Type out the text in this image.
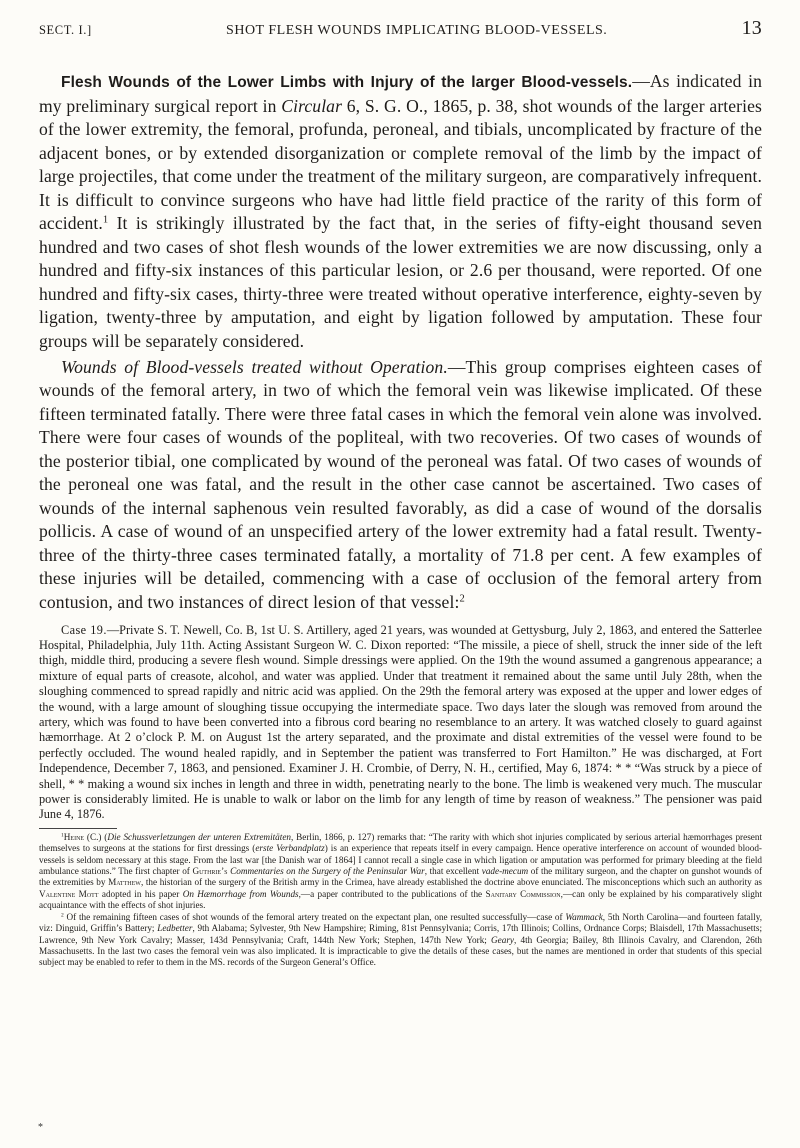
SECT. I.]	SHOT FLESH WOUNDS IMPLICATING BLOOD-VESSELS.	13

Flesh Wounds of the Lower Limbs with Injury of the larger Blood-vessels.—As indicated in my preliminary surgical report in Circular 6, S. G. O., 1865, p. 38, shot wounds of the larger arteries of the lower extremity, the femoral, profunda, peroneal, and tibials, uncomplicated by fracture of the adjacent bones, or by extended disorganization or complete removal of the limb by the impact of large projectiles, that come under the treatment of the military surgeon, are comparatively infrequent. It is difficult to convince surgeons who have had little field practice of the rarity of this form of accident.$^1$ It is strikingly illustrated by the fact that, in the series of fifty-eight thousand seven hundred and two cases of shot flesh wounds of the lower extremities we are now discussing, only a hundred and fifty-six instances of this particular lesion, or 2.6 per thousand, were reported. Of one hundred and fifty-six cases, thirty-three were treated without operative interference, eighty-seven by ligation, twenty-three by amputation, and eight by ligation followed by amputation. These four groups will be separately considered.

Wounds of Blood-vessels treated without Operation.—This group comprises eighteen cases of wounds of the femoral artery, in two of which the femoral vein was likewise implicated. Of these fifteen terminated fatally. There were three fatal cases in which the femoral vein alone was involved. There were four cases of wounds of the popliteal, with two recoveries. Of two cases of wounds of the posterior tibial, one complicated by wound of the peroneal was fatal. Of two cases of wounds of the peroneal one was fatal, and the result in the other case cannot be ascertained. Two cases of wounds of the internal saphenous vein resulted favorably, as did a case of wound of the dorsalis pollicis. A case of wound of an unspecified artery of the lower extremity had a fatal result. Twenty-three of the thirty-three cases terminated fatally, a mortality of 71.8 per cent. A few examples of these injuries will be detailed, commencing with a case of occlusion of the femoral artery from contusion, and two instances of direct lesion of that vessel:$^2$

Case 19.—Private S. T. Newell, Co. B, 1st U. S. Artillery, aged 21 years, was wounded at Gettysburg, July 2, 1863, and entered the Satterlee Hospital, Philadelphia, July 11th. Acting Assistant Surgeon W. C. Dixon reported: “The missile, a piece of shell, struck the inner side of the left thigh, middle third, producing a severe flesh wound. Simple dressings were applied. On the 19th the wound assumed a gangrenous appearance; a mixture of equal parts of creasote, alcohol, and water was applied. Under that treatment it remained about the same until July 28th, when the sloughing commenced to spread rapidly and nitric acid was applied. On the 29th the femoral artery was exposed at the upper and lower edges of the wound, with a large amount of sloughing tissue occupying the intermediate space. Two days later the slough was removed from around the artery, which was found to have been converted into a fibrous cord bearing no resemblance to an artery. It was watched closely to guard against hæmorrhage. At 2 o’clock P. M. on August 1st the artery separated, and the proximate and distal extremities of the vessel were found to be perfectly occluded. The wound healed rapidly, and in September the patient was transferred to Fort Hamilton.” He was discharged, at Fort Independence, December 7, 1863, and pensioned. Examiner J. H. Crombie, of Derry, N. H., certified, May 6, 1874: * * “Was struck by a piece of shell, * * making a wound six inches in length and three in width, penetrating nearly to the bone. The limb is weakened very much. The muscular power is considerably limited. He is unable to walk or labor on the limb for any length of time by reason of weakness.” The pensioner was paid June 4, 1876.

$^1$Heine (C.) (Die Schussverletzungen der unteren Extremitäten, Berlin, 1866, p. 127) remarks that: “The rarity with which shot injuries complicated by serious arterial hæmorrhages present themselves to surgeons at the stations for first dressings (erste Verbandplatz) is an experience that repeats itself in every campaign. Hence operative interference on account of wounded blood-vessels is seldom necessary at this stage. From the last war [the Danish war of 1864] I cannot recall a single case in which ligation or amputation was performed for primary bleeding at the field ambulance stations.” The first chapter of Guthrie’s Commentaries on the Surgery of the Peninsular War, that excellent vade-mecum of the military surgeon, and the chapter on gunshot wounds of the extremities by Matthew, the historian of the surgery of the British army in the Crimea, have already established the doctrine above enunciated. The misconceptions which such an authority as Valentine Mott adopted in his paper On Hæmorrhage from Wounds,—a paper contributed to the publications of the Sanitary Commission,—can only be explained by his comparatively slight acquaintance with the effects of shot injuries.

$^2$ Of the remaining fifteen cases of shot wounds of the femoral artery treated on the expectant plan, one resulted successfully—case of Wammack, 5th North Carolina—and fourteen fatally, viz: Dinguid, Griffin’s Battery; Ledbetter, 9th Alabama; Sylvester, 9th New Hampshire; Riming, 81st Pennsylvania; Corris, 17th Illinois; Collins, Ordnance Corps; Blaisdell, 17th Massachusetts; Lawrence, 9th New York Cavalry; Masser, 143d Pennsylvania; Craft, 144th New York; Stephen, 147th New York; Geary, 4th Georgia; Bailey, 8th Illinois Cavalry, and Clarendon, 26th Massachusetts. In the last two cases the femoral vein was also implicated. It is impracticable to give the details of these cases, but the names are mentioned in order that students of this special subject may be enabled to refer to them in the MS. records of the Surgeon General’s Office.

*
